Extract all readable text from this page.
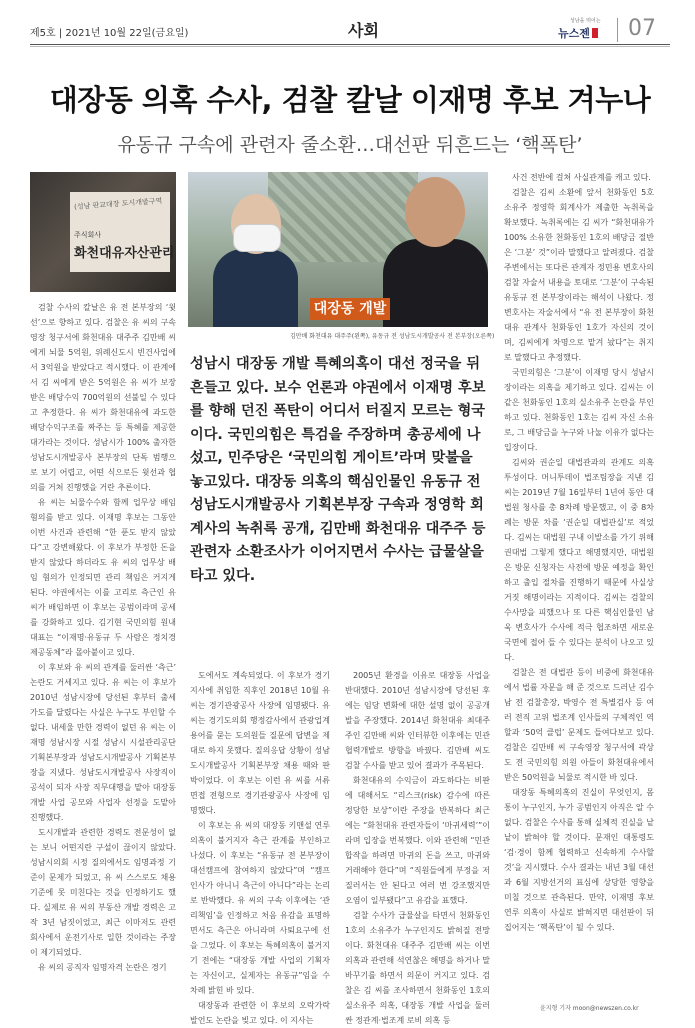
제5호 | 2021년 10월 22일(금요일)	사회	성남을 뛰어는
뉴스젠	07
대장동 의혹 수사, 검찰 칼날 이재명 후보 겨누나
유동규 구속에 관련자 줄소환…대선판 뒤흔드는 ‘핵폭탄’
(성남 판교대장 도시개발구역
주식회사
화천대유자산관리
대장동 개발
김만배 화천대유 대주주(왼쪽), 유동규 전 성남도시개발공사 전 본부장(오른쪽)
성남시 대장동 개발 특혜의혹이 대선 정국을 뒤흔들고 있다. 보수 언론과 야권에서 이재명 후보를 향해 던진 폭탄이 어디서 터질지 모르는 형국이다. 국민의힘은 특검을 주장하며 총공세에 나섰고, 민주당은 ‘국민의힘 게이트’라며 맞불을 놓고있다. 대장동 의혹의 핵심인물인 유동규 전 성남도시개발공사 기획본부장 구속과 정영학 회계사의 녹취록 공개, 김만배 화천대유 대주주 등 관련자 소환조사가 이어지면서 수사는 급물살을 타고 있다.

검찰 수사의 칼날은 유 전 본부장의 ‘윗선’으로 향하고 있다. 검찰은 유 씨의 구속영장 청구서에 화천대유 대주주 김만배 씨에게 뇌물 5억원, 위례신도시 빈건사업에서 3억원을 받았다고 적시했다. 이 관계에서 김 씨에게 받은 5억원은 유 씨가 보장받은 배당수익 700억원의 선불일 수 있다고 추정한다. 유 씨가 화천대유에 과도한 배당수익구조를 짜주는 등 특혜를 제공한 대가라는 것이다. 성남시가 100% 출자한 성남도시개발공사 본부장의 단독 범행으로 보기 어렵고, 어떤 식으로든 윗선과 협의를 거쳐 진행했을 거란 추론이다.

유 씨는 뇌물수수와 함께 업무상 배임 혐의를 받고 있다. 이재명 후보는 그동안 이번 사건과 관련해 “한 푼도 받지 않았다”고 강변해왔다. 이 후보가 부정한 돈을 받지 않았다 하더라도 유 씨의 업무상 배임 혐의가 인정되면 관리 책임은 커지게 된다. 야권에서는 이를 고리로 측근인 유 씨가 배임하면 이 후보는 공범이라며 공세를 강화하고 있다. 김기현 국민의힘 원내 대표는 “이재명·유동규 두 사람은 정치경제공동체”라 몰아붙이고 있다.

이 후보와 유 씨의 관계를 둘러싼 ‘측근’ 논란도 거세지고 있다. 유 씨는 이 후보가 2010년 성남시장에 당선된 후부터 출세가도를 달렸다는 사실은 누구도 부인할 수 없다. 내세울 만한 경력이 없던 유 씨는 이재명 성남시장 시절 성남시 시설관리공단 기획본부장과 성남도시개발공사 기획본부장을 지냈다. 성남도시개발공사 사장직이 공석이 되자 사장 직무대행을 맡아 대장동 개발 사업 공모와 사업자 선정을 도맡아 진행했다.

도시개발과 관련한 경력도 전문성이 없는 보니 어떤지란 구설이 끊이지 않았다. 성남시의회 시정 질의에서도 임명과정 기준이 문제가 되었고, 유 씨 스스로도 채용기준에 못 미친다는 것을 인정하기도 했다. 실제로 유 씨의 부동산 개발 경력은 고작 3년 남짓이었고, 최근 이마저도 관련 회사에서 운전기사로 일한 것이라는 주장이 제기되었다.

유 씨의 공직자 임명자격 논란은 경기

도에서도 계속되었다. 이 후보가 경기지사에 취임한 직후인 2018년 10월 유 씨는 경기관광공사 사장에 임명됐다. 유 씨는 경기도의회 행정감사에서 관광업계 용어를 묻는 도의원들 질문에 답변을 제대로 하지 못했다. 질의응답 상황이 성남도시개발공사 기획본부장 채용 때와 판박이었다. 이 후보는 이런 유 씨를 서류면접 전형으로 경기관광공사 사장에 임명했다.

이 후보는 유 씨의 대장동 키맨설 연루의혹이 불거지자 측근 관계를 부인하고 나섰다. 이 후보는 “유동규 전 본부장이 대선캠프에 참여하지 않았다”며 “캠프 인사가 아니니 측근이 아니다”라는 논리로 반박했다. 유 씨의 구속 이후에는 ‘관리책임’을 인정하고 처음 유감을 표명하면서도 측근은 아니라며 사퇴요구에 선을 그었다. 이 후보는 특혜의혹이 불거지기 전에는 “대장동 개발 사업의 기획자는 자신이고, 실제자는 유동규”임을 수차례 밝힌 바 있다.

대장동과 관련한 이 후보의 오락가락 발언도 논란을 빚고 있다. 이 지사는

2005년 환경을 이유로 대장동 사업을 반대했다. 2010년 성남시장에 당선된 후에는 임당 변화에 대한 설명 없이 공공개발을 주장했다. 2014년 화천대유 최대주주인 김만배 씨와 인터뷰한 이후에는 민관협력개발로 방향을 바꿨다. 김만배 씨도 검찰 수사를 받고 있어 결과가 주목된다.

화천대유의 수익금이 과도하다는 비판에 대해서도 “리스크(risk) 감수에 따른 정당한 보상”이란 주장을 반복하다 최근에는 “화천대유 관련자들이 ‘마귀세력’”이라며 입장을 번복했다. 이와 관련해 “민관합작을 하려면 마귀의 돈을 쓰고, 마귀와 거래해야 한다”며 “직원들에게 부정을 저질러서는 안 된다고 여러 번 강조했지만 오염이 일부됐다”고 유감을 표했다.

검찰 수사가 급물살을 타면서 천화동인 1호의 소유주가 누구인지도 밝혀질 전망이다. 화천대유 대주주 김만배 씨는 이번 의혹과 관련해 석연찮은 해명을 하거나 말 바꾸기를 하면서 의문이 커지고 있다. 검찰은 김 씨를 조사하면서 천화동인 1호의 실소유주 의혹, 대장동 개발 사업을 둘러싼 정관계·법조계 로비 의혹 등

사건 전반에 걸쳐 사실관계를 캐고 있다.

검찰은 김씨 소환에 앞서 천화동인 5호 소유주 정영학 회계사가 제출한 녹취록을 확보했다. 녹취록에는 김 씨가 “화천대유가 100% 소유한 천화동인 1호의 배당금 절반은 ‘그분’ 것”이라 말했다고 알려졌다. 검찰 주변에서는 또다른 관계자 정민용 변호사의 검찰 자술서 내용을 토대로 ‘그분’이 구속된 유동규 전 본부장이라는 해석이 나왔다. 정 변호사는 자술서에서 “유 전 본부장이 화천대유 관계사 천화동인 1호가 자신의 것이며, 김씨에게 차명으로 맡겨 놨다”는 취지로 말했다고 추정했다.

국민의힘은 ‘그분’이 이재명 당시 성남시장이라는 의혹을 제기하고 있다. 김씨는 이 같은 천화동인 1호의 실소유주 논란을 부인하고 있다. 천화동인 1호는 김씨 자신 소유로, 그 배당금을 누구와 나눌 이유가 없다는 입장이다.

김씨와 권순일 대법관과의 관계도 의혹 투성이다. 머니투데이 법조팀장을 지낸 김씨는 2019년 7월 16일부터 1년여 동안 대법원 청사를 총 8차례 방문했고, 이 중 8차례는 방문 차를 ‘권순일 대법관실’로 적었다. 김씨는 대법원 구내 이발소를 가기 위해 권대법 그렇게 했다고 해명했지만, 대법원은 방문 신청자는 사전에 방문 예정을 확인하고 출입 절차를 진행하기 때문에 사실상 거짓 해명이라는 지적이다. 김씨는 검찰의 수사망을 피했으나 또 다른 핵심인물인 남욱 변호사가 수사에 적극 협조하면 새로운 국면에 접어 들 수 있다는 분석이 나오고 있다.

검찰은 전 대법관 등이 비중에 화천대유에서 법률 자문을 해 준 것으로 드러난 김수남 전 검찰총장, 박영수 전 특별검사 등 여러 전직 고위 법조계 인사들의 구체적인 역할과 ‘50억 클럽’ 문제도 들여다보고 있다. 검찰은 김만배 씨 구속영장 청구서에 곽상도 전 국민의힘 의원 아들이 화천대유에서 받은 50억원을 뇌물로 적시한 바 있다.

대장동 특혜의혹의 진실이 무엇인지, 몸통이 누구인지, 누가 공범인지 아직은 알 수 없다. 검찰은 수사를 통해 실체적 진실을 낱낱이 밝혀야 할 것이다. 문재인 대통령도 ‘검·경이 함께 협력하고 신속하게 수사할 것’을 지시했다. 수사 결과는 내년 3월 대선과 6월 지방선거의 표심에 상당한 영향을 미칠 것으로 관측된다. 만약, 이재명 후보 연루 의혹이 사실로 밝혀지면 대선판이 뒤집어지는 ‘핵폭탄’이 될 수 있다.

윤지형 기자 moon@newszen.co.kr
